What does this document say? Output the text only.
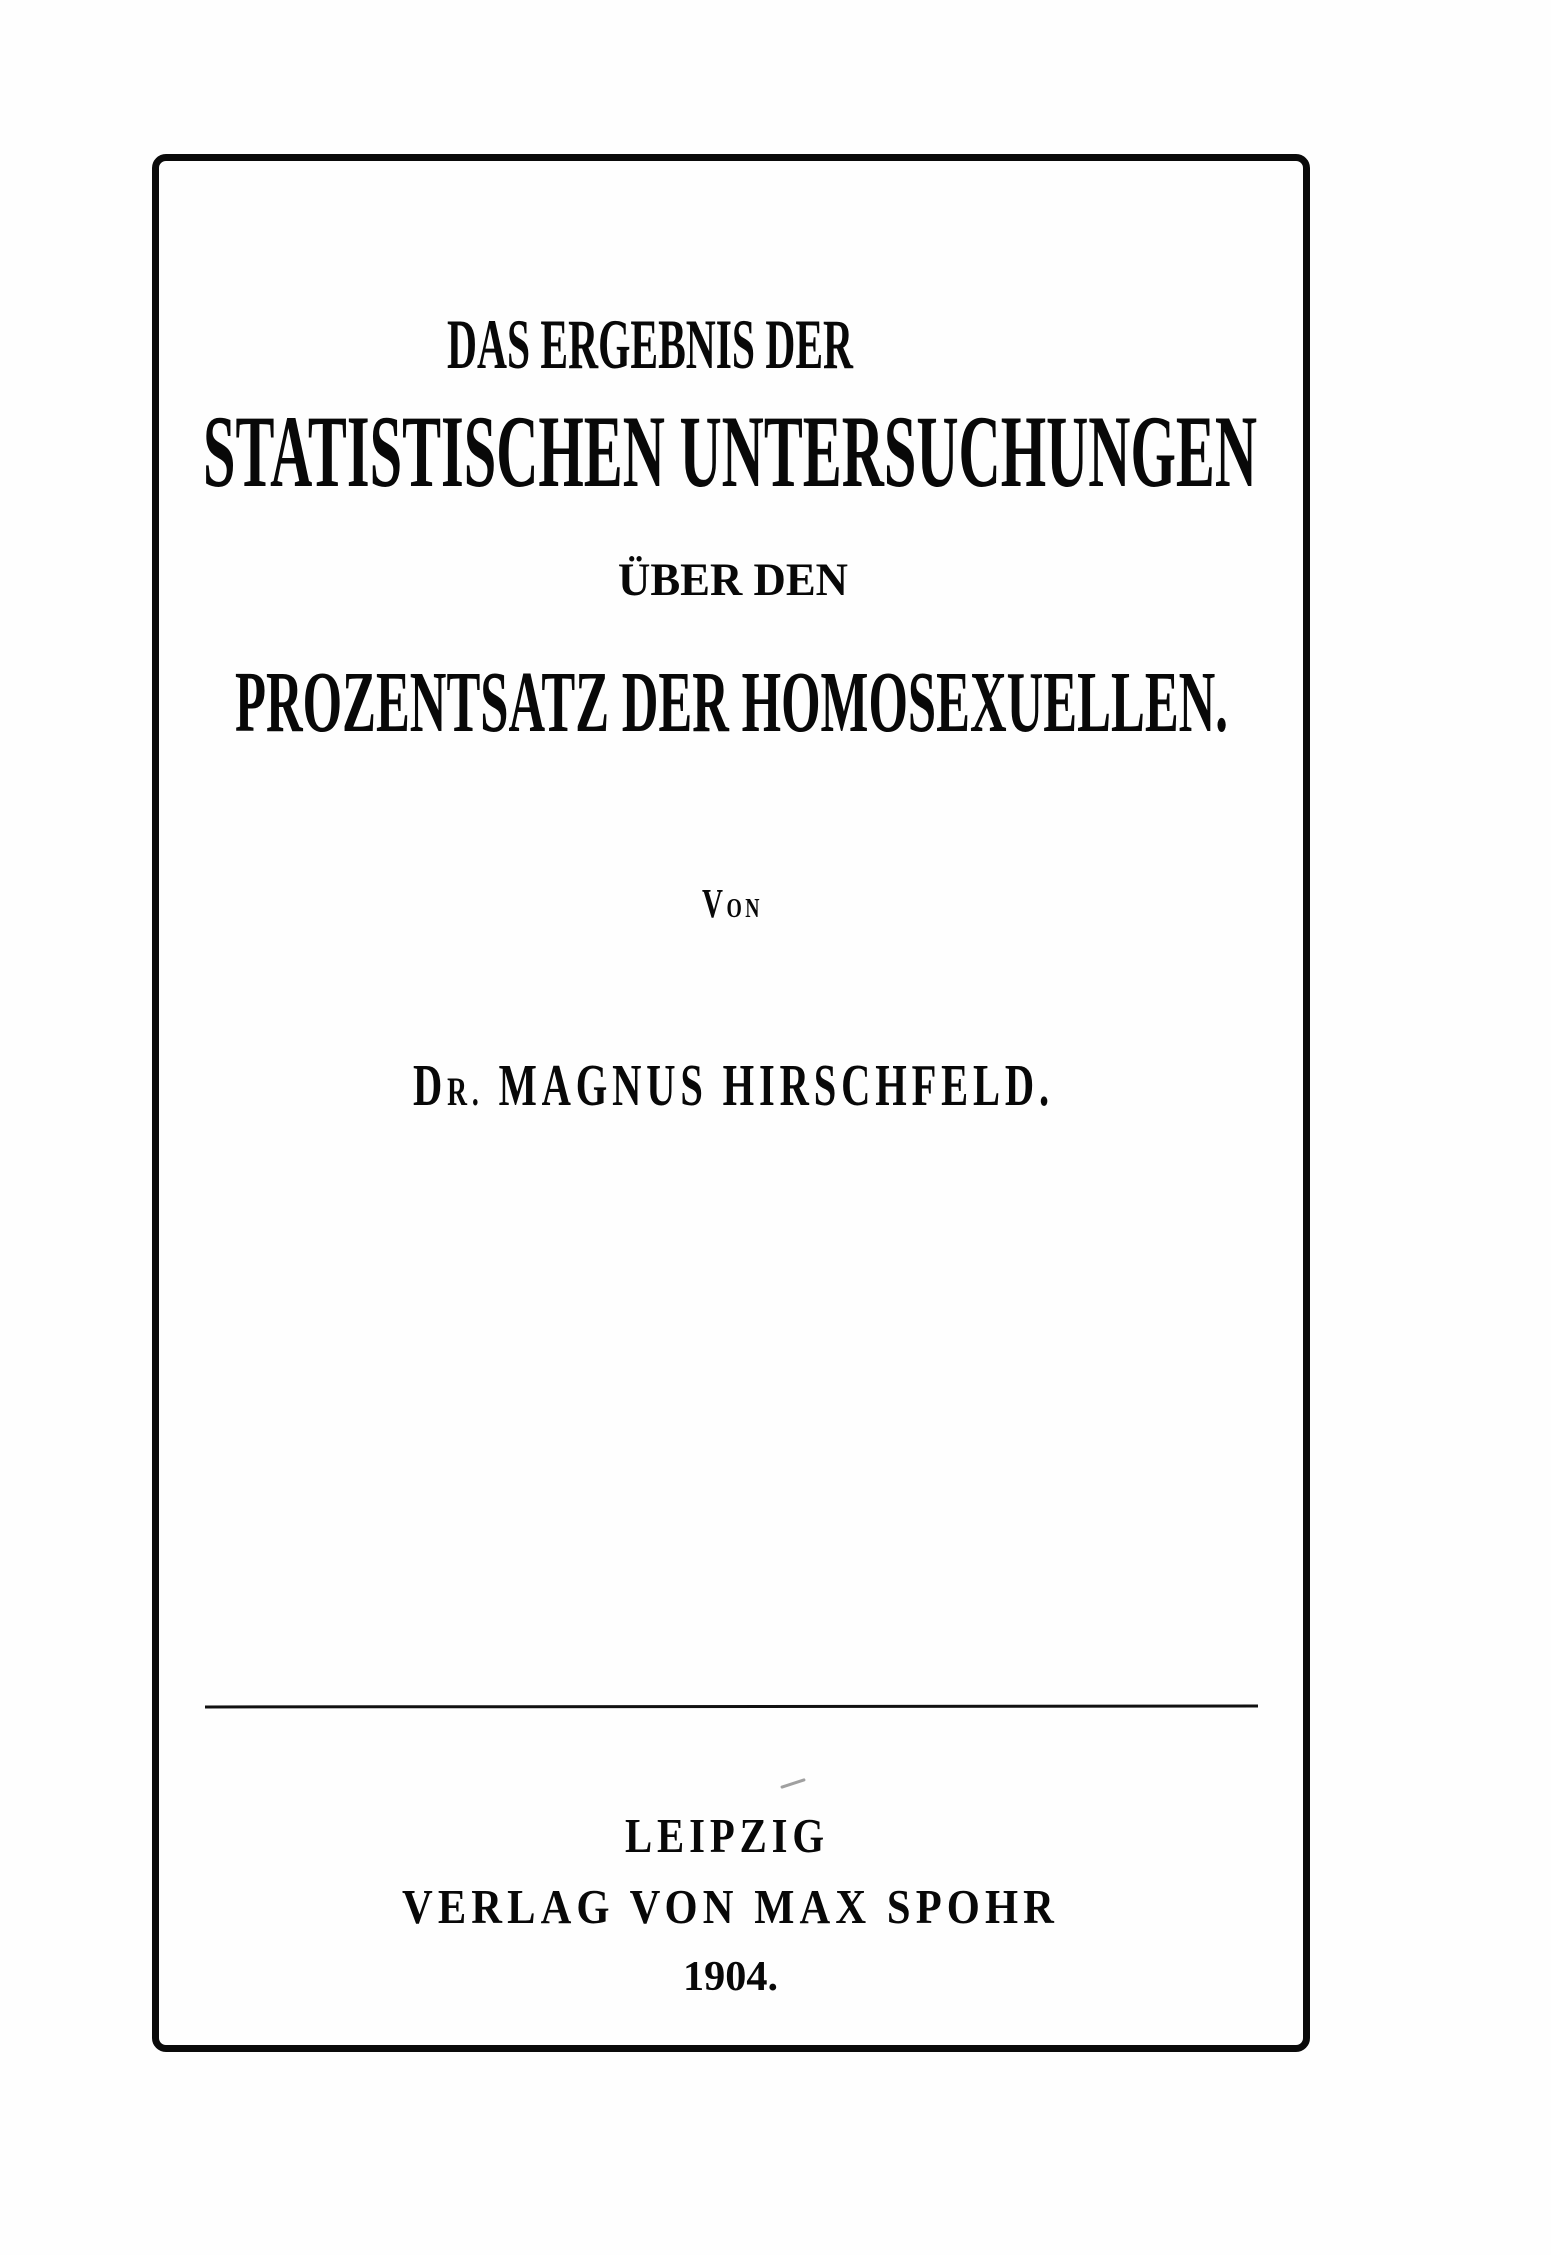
DAS ERGEBNIS DER
STATISTISCHEN UNTERSUCHUNGEN
ÜBER DEN
PROZENTSATZ DER HOMOSEXUELLEN.
VON
DR. MAGNUS HIRSCHFELD.
LEIPZIG
VERLAG VON MAX SPOHR
1904.
